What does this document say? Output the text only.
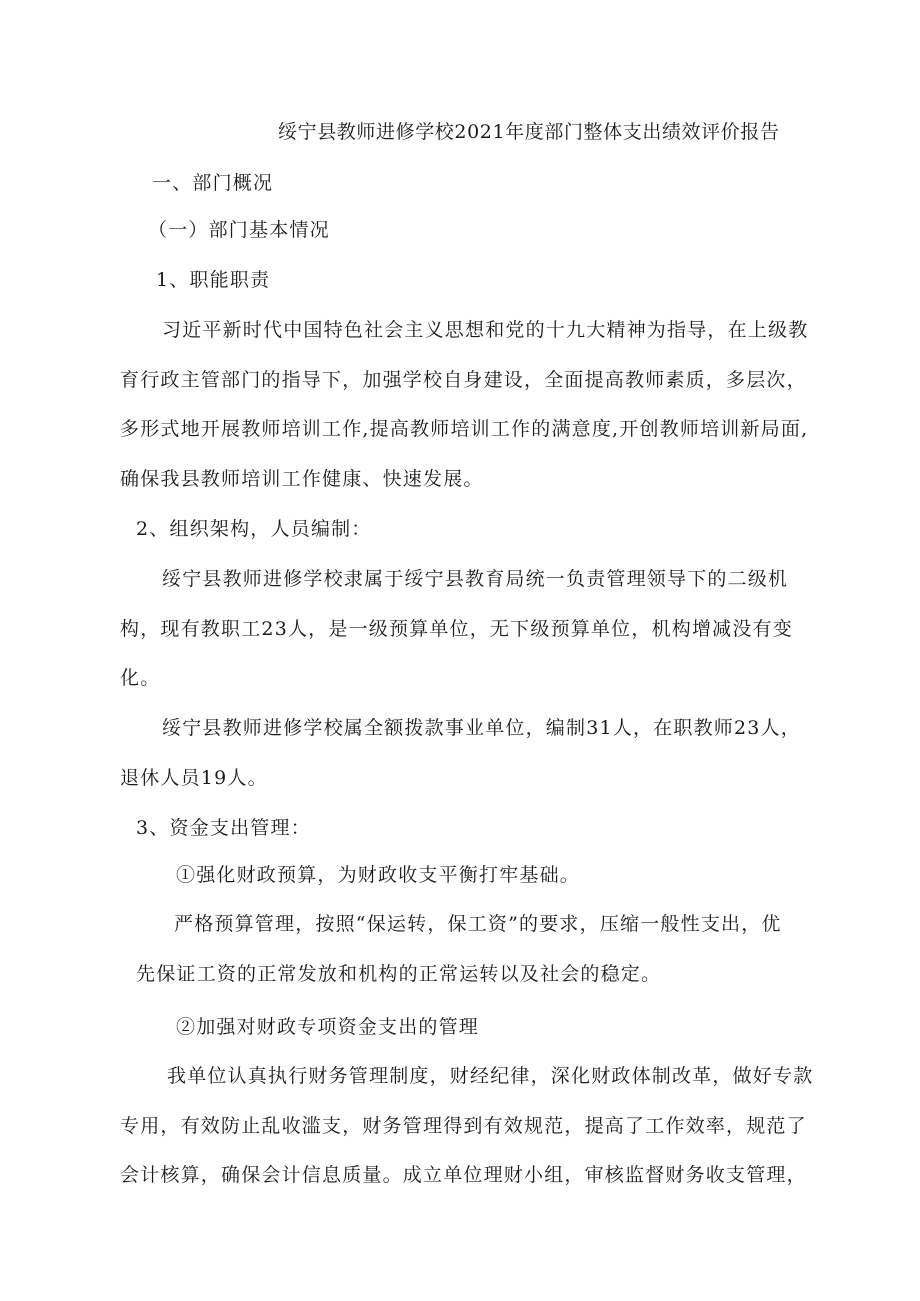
绥宁县教师进修学校2021年度部门整体支出绩效评价报告

一、部门概况

（一）部门基本情况

1、职能职责

习近平新时代中国特色社会主义思想和党的十九大精神为指导，在上级教

育行政主管部门的指导下，加强学校自身建设，全面提高教师素质，多层次，

多形式地开展教师培训工作,提高教师培训工作的满意度,开创教师培训新局面,

确保我县教师培训工作健康、快速发展。

2、组织架构，人员编制：

绥宁县教师进修学校隶属于绥宁县教育局统一负责管理领导下的二级机

构，现有教职工23人，是一级预算单位，无下级预算单位，机构增减没有变

化。

绥宁县教师进修学校属全额拨款事业单位，编制31人，在职教师23人，

退休人员19人。

3、资金支出管理：

①强化财政预算，为财政收支平衡打牢基础。

严格预算管理，按照“保运转，保工资”的要求，压缩一般性支出，优

先保证工资的正常发放和机构的正常运转以及社会的稳定。

②加强对财政专项资金支出的管理

我单位认真执行财务管理制度，财经纪律，深化财政体制改革，做好专款

专用，有效防止乱收滥支，财务管理得到有效规范，提高了工作效率，规范了

会计核算，确保会计信息质量。成立单位理财小组，审核监督财务收支管理，
